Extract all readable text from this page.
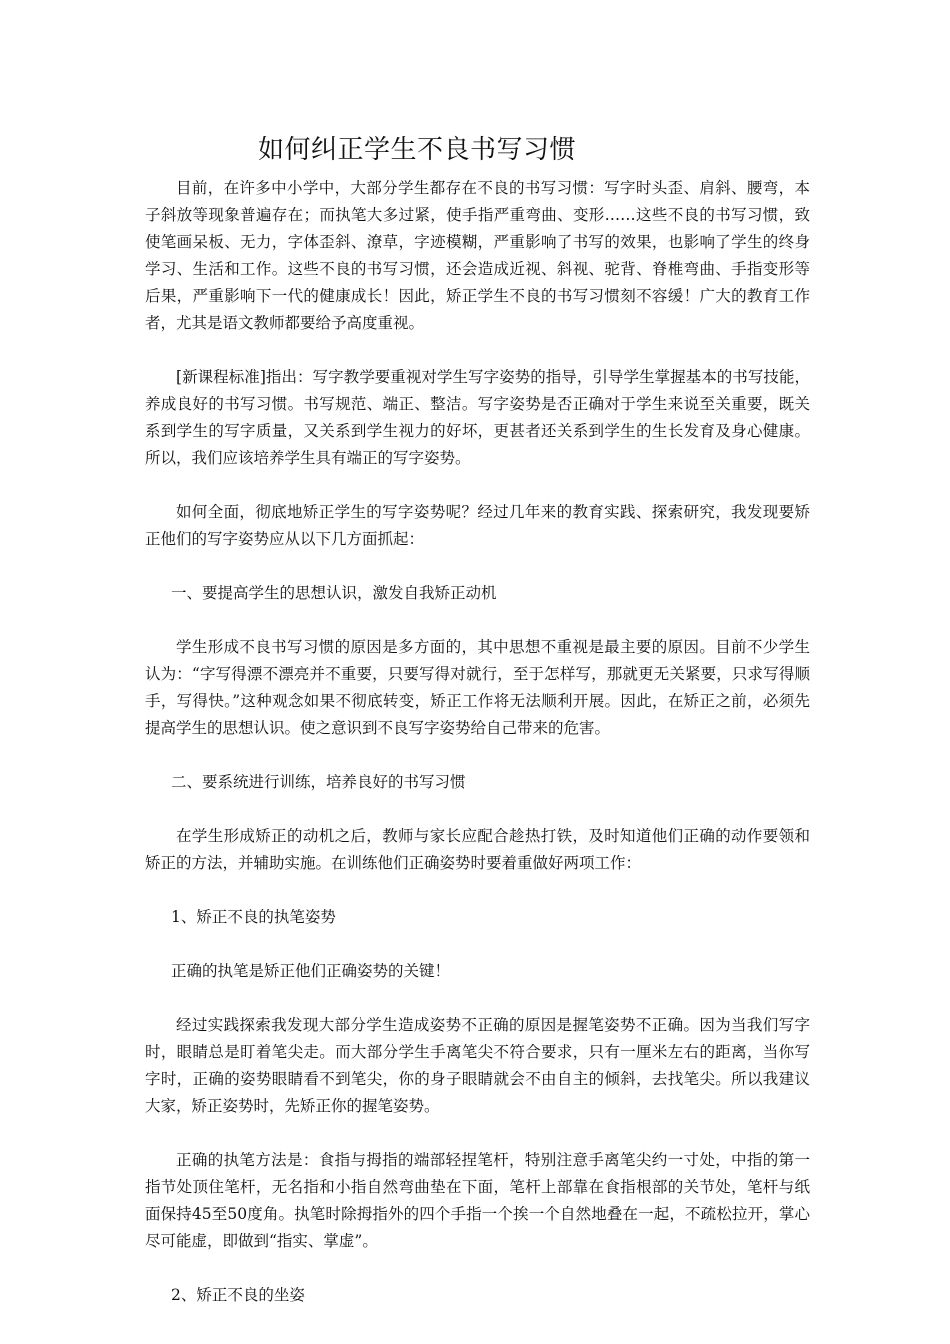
如何纠正学生不良书写习惯

目前，在许多中小学中，大部分学生都存在不良的书写习惯：写字时头歪、肩斜、腰弯，本子斜放等现象普遍存在；而执笔大多过紧，使手指严重弯曲、变形……这些不良的书写习惯，致使笔画呆板、无力，字体歪斜、潦草，字迹模糊，严重影响了书写的效果，也影响了学生的终身学习、生活和工作。这些不良的书写习惯，还会造成近视、斜视、驼背、脊椎弯曲、手指变形等后果，严重影响下一代的健康成长！因此，矫正学生不良的书写习惯刻不容缓！广大的教育工作者，尤其是语文教师都要给予高度重视。

[新课程标准]指出：写字教学要重视对学生写字姿势的指导，引导学生掌握基本的书写技能，养成良好的书写习惯。书写规范、端正、整洁。写字姿势是否正确对于学生来说至关重要，既关系到学生的写字质量，又关系到学生视力的好坏，更甚者还关系到学生的生长发育及身心健康。所以，我们应该培养学生具有端正的写字姿势。

如何全面，彻底地矫正学生的写字姿势呢？经过几年来的教育实践、探索研究，我发现要矫正他们的写字姿势应从以下几方面抓起：

一、要提高学生的思想认识，激发自我矫正动机

学生形成不良书写习惯的原因是多方面的，其中思想不重视是最主要的原因。目前不少学生认为：“字写得漂不漂亮并不重要，只要写得对就行，至于怎样写，那就更无关紧要，只求写得顺手，写得快。”这种观念如果不彻底转变，矫正工作将无法顺利开展。因此，在矫正之前，必须先提高学生的思想认识。使之意识到不良写字姿势给自己带来的危害。

二、要系统进行训练，培养良好的书写习惯

在学生形成矫正的动机之后，教师与家长应配合趁热打铁，及时知道他们正确的动作要领和矫正的方法，并辅助实施。在训练他们正确姿势时要着重做好两项工作：

1、矫正不良的执笔姿势

正确的执笔是矫正他们正确姿势的关键！

经过实践探索我发现大部分学生造成姿势不正确的原因是握笔姿势不正确。因为当我们写字时，眼睛总是盯着笔尖走。而大部分学生手离笔尖不符合要求，只有一厘米左右的距离，当你写字时，正确的姿势眼睛看不到笔尖，你的身子眼睛就会不由自主的倾斜，去找笔尖。所以我建议大家，矫正姿势时，先矫正你的握笔姿势。

正确的执笔方法是：食指与拇指的端部轻捏笔杆，特别注意手离笔尖约一寸处，中指的第一指节处顶住笔杆，无名指和小指自然弯曲垫在下面，笔杆上部靠在食指根部的关节处，笔杆与纸面保持45至50度角。执笔时除拇指外的四个手指一个挨一个自然地叠在一起，不疏松拉开，掌心尽可能虚，即做到“指实、掌虚”。

2、矫正不良的坐姿
